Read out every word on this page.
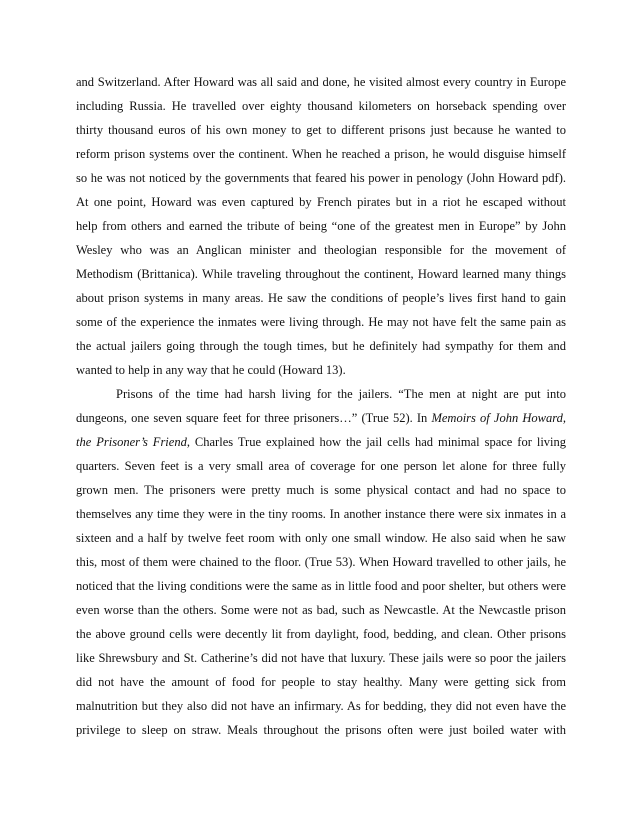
and Switzerland. After Howard was all said and done, he visited almost every country in Europe
including Russia. He travelled over eighty thousand kilometers on horseback spending over
thirty thousand euros of his own money to get to different prisons just because he wanted to
reform prison systems over the continent. When he reached a prison, he would disguise himself
so he was not noticed by the governments that feared his power in penology (John Howard pdf).
At one point, Howard was even captured by French pirates but in a riot he escaped without
help from others and earned the tribute of being “one of the greatest men in Europe” by John
Wesley who was an Anglican minister and theologian responsible for the movement of
Methodism (Brittanica). While traveling throughout the continent, Howard learned many things
about prison systems in many areas. He saw the conditions of people’s lives first hand to gain
some of the experience the inmates were living through. He may not have felt the same pain as
the actual jailers going through the tough times, but he definitely had sympathy for them and
wanted to help in any way that he could (Howard 13).
Prisons of the time had harsh living for the jailers. “The men at night are put into
dungeons, one seven square feet for three prisoners…” (True 52). In Memoirs of John Howard,
the Prisoner’s Friend, Charles True explained how the jail cells had minimal space for living
quarters. Seven feet is a very small area of coverage for one person let alone for three fully
grown men. The prisoners were pretty much is some physical contact and had no space to
themselves any time they were in the tiny rooms. In another instance there were six inmates in a
sixteen and a half by twelve feet room with only one small window. He also said when he saw
this, most of them were chained to the floor. (True 53). When Howard travelled to other jails, he
noticed that the living conditions were the same as in little food and poor shelter, but others were
even worse than the others. Some were not as bad, such as Newcastle. At the Newcastle prison
the above ground cells were decently lit from daylight, food, bedding, and clean. Other prisons
like Shrewsbury and St. Catherine’s did not have that luxury. These jails were so poor the jailers
did not have the amount of food for people to stay healthy. Many were getting sick from
malnutrition but they also did not have an infirmary. As for bedding, they did not even have the
privilege to sleep on straw. Meals throughout the prisons often were just boiled water with
